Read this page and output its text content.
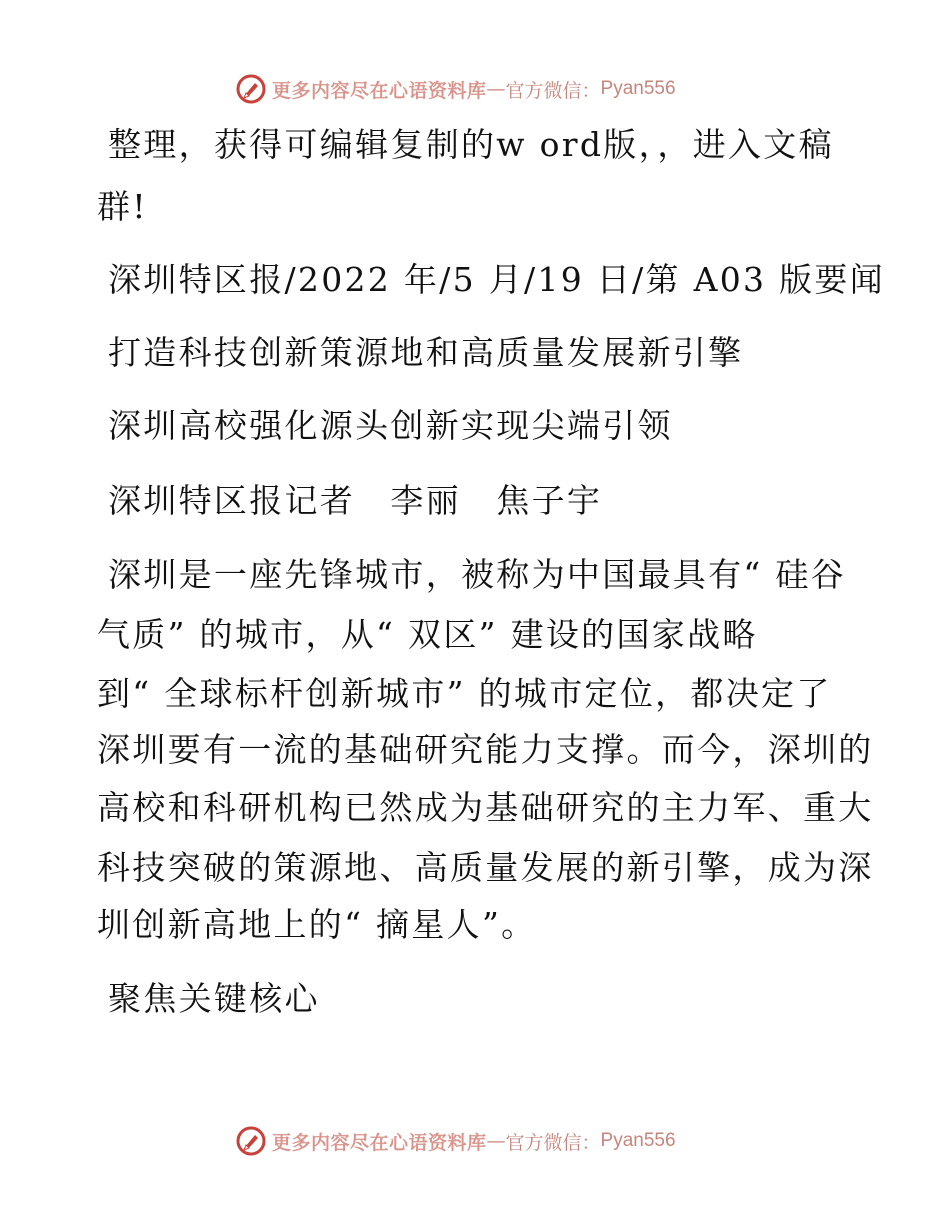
更多内容尽在心语资料库 — 官方微信： Pyan556
整理，获得可编辑复制的w ord版，，进入文稿
群!
深圳特区报/2022 年/5 月/19 日/第 A03 版要闻
打造科技创新策源地和高质量发展新引擎
深圳高校强化源头创新实现尖端引领
深圳特区报记者　李丽　焦子宇
深圳是一座先锋城市，被称为中国最具有“ 硅谷
气质” 的城市，从“ 双区” 建设的国家战略
到“ 全球标杆创新城市” 的城市定位，都决定了
深圳要有一流的基础研究能力支撑。而今，深圳的
高校和科研机构已然成为基础研究的主力军、重大
科技突破的策源地、高质量发展的新引擎，成为深
圳创新高地上的“ 摘星人”。
聚焦关键核心
更多内容尽在心语资料库 — 官方微信： Pyan556
